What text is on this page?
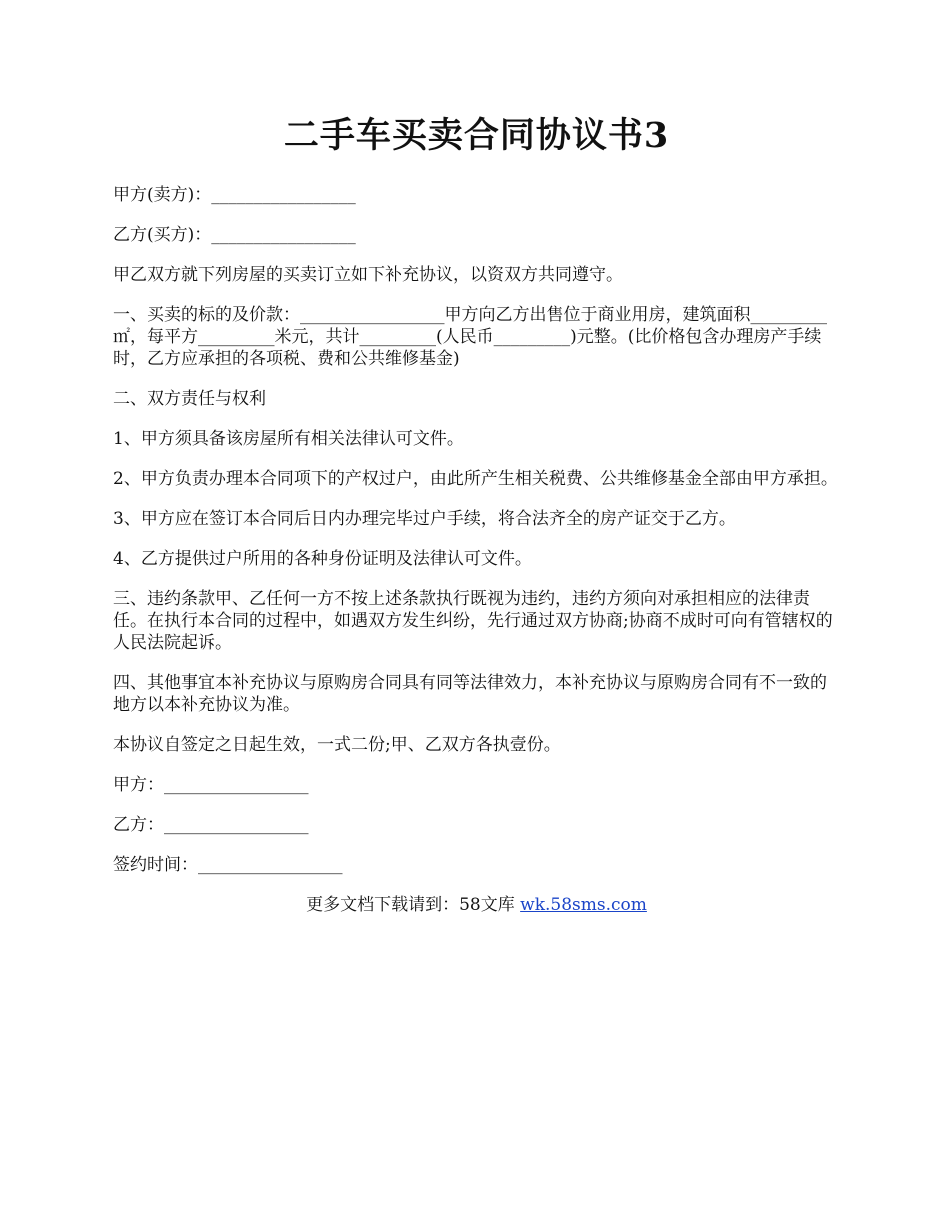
二手车买卖合同协议书3

甲方(卖方)：_________________

乙方(买方)：_________________

甲乙双方就下列房屋的买卖订立如下补充协议，以资双方共同遵守。

一、买卖的标的及价款：_________________甲方向乙方出售位于商业用房，建筑面积_________㎡，每平方_________米元，共计_________(人民币_________)元整。(比价格包含办理房产手续时，乙方应承担的各项税、费和公共维修基金)

二、双方责任与权利

1、甲方须具备该房屋所有相关法律认可文件。

2、甲方负责办理本合同项下的产权过户，由此所产生相关税费、公共维修基金全部由甲方承担。

3、甲方应在签订本合同后日内办理完毕过户手续，将合法齐全的房产证交于乙方。

4、乙方提供过户所用的各种身份证明及法律认可文件。

三、违约条款甲、乙任何一方不按上述条款执行既视为违约，违约方须向对承担相应的法律责任。在执行本合同的过程中，如遇双方发生纠纷，先行通过双方协商;协商不成时可向有管辖权的人民法院起诉。

四、其他事宜本补充协议与原购房合同具有同等法律效力，本补充协议与原购房合同有不一致的地方以本补充协议为准。

本协议自签定之日起生效，一式二份;甲、乙双方各执壹份。

甲方：_________________

乙方：_________________

签约时间：_________________

更多文档下载请到：58文库 wk.58sms.com
